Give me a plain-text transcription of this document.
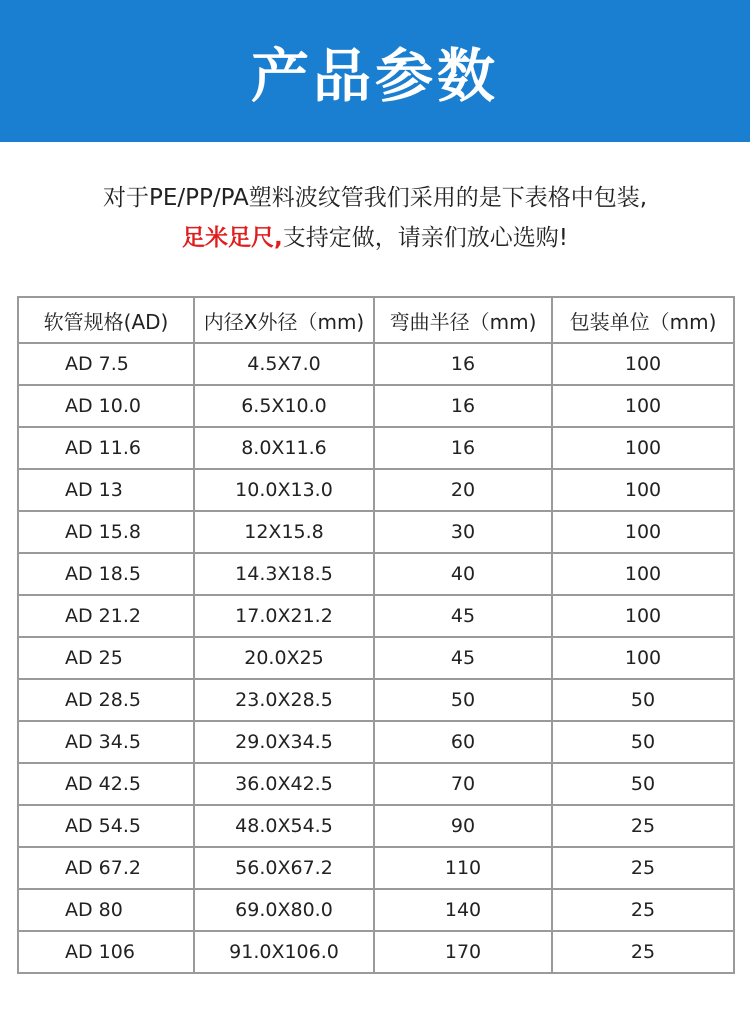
产品参数
对于PE/PP/PA塑料波纹管我们采用的是下表格中包装,
足米足尺,支持定做，请亲们放心选购!
软管规格(AD)	内径X外径（mm)	弯曲半径（mm)	包装单位（mm)
AD 7.5	4.5X7.0	16	100
AD 10.0	6.5X10.0	16	100
AD 11.6	8.0X11.6	16	100
AD 13	10.0X13.0	20	100
AD 15.8	12X15.8	30	100
AD 18.5	14.3X18.5	40	100
AD 21.2	17.0X21.2	45	100
AD 25	20.0X25	45	100
AD 28.5	23.0X28.5	50	50
AD 34.5	29.0X34.5	60	50
AD 42.5	36.0X42.5	70	50
AD 54.5	48.0X54.5	90	25
AD 67.2	56.0X67.2	110	25
AD 80	69.0X80.0	140	25
AD 106	91.0X106.0	170	25
